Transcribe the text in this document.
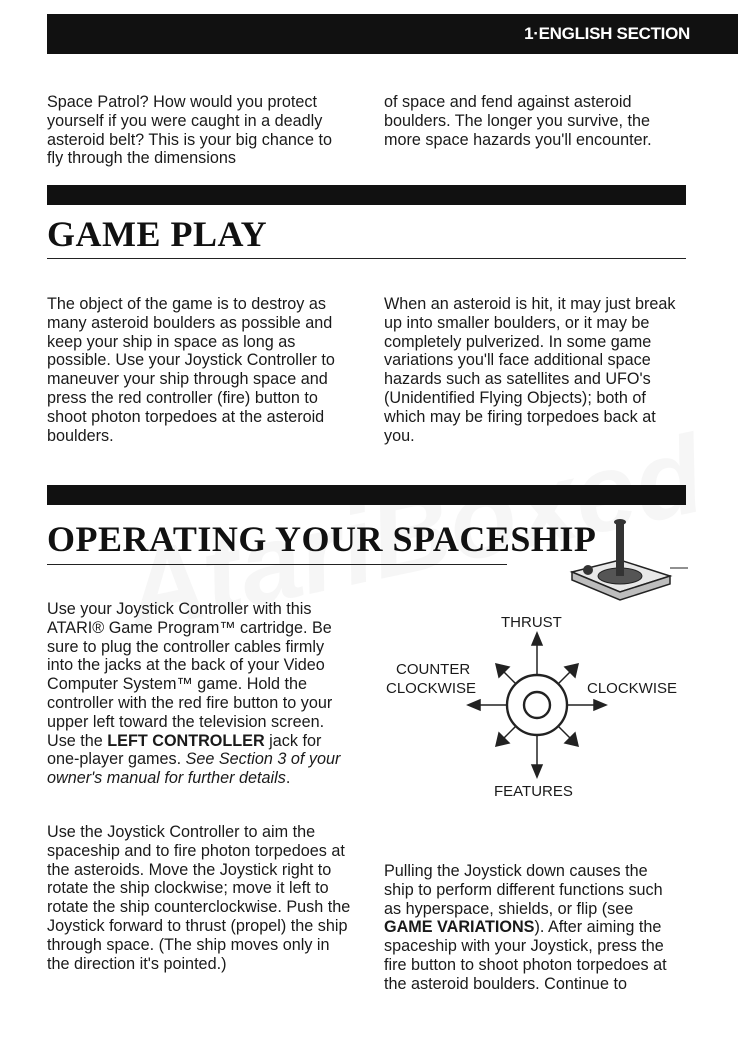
1·ENGLISH SECTION

Space Patrol? How would you protect yourself if you were caught in a deadly asteroid belt? This is your big chance to fly through the dimensions

of space and fend against asteroid boulders. The longer you survive, the more space hazards you'll encounter.

GAME PLAY

The object of the game is to destroy as many asteroid boulders as possible and keep your ship in space as long as possible. Use your Joystick Controller to maneuver your ship through space and press the red controller (fire) button to shoot photon torpedoes at the asteroid boulders.

When an asteroid is hit, it may just break up into smaller boulders, or it may be completely pulverized. In some game variations you'll face additional space hazards such as satellites and UFO's (Unidentified Flying Objects); both of which may be firing torpedoes back at you.

OPERATING YOUR SPACESHIP
THRUST
COUNTER
CLOCKWISE	CLOCKWISE
FEATURES

Use your Joystick Controller with this ATARI® Game Program™ cartridge. Be sure to plug the controller cables firmly into the jacks at the back of your Video Computer System™ game. Hold the controller with the red fire button to your upper left toward the television screen. Use the LEFT CONTROLLER jack for one-player games. See Section 3 of your owner's manual for further details.

Use the Joystick Controller to aim the spaceship and to fire photon torpedoes at the asteroids. Move the Joystick right to rotate the ship clockwise; move it left to rotate the ship counterclockwise. Push the Joystick forward to thrust (propel) the ship through space. (The ship moves only in the direction it's pointed.)

Pulling the Joystick down causes the ship to perform different functions such as hyperspace, shields, or flip (see GAME VARIATIONS). After aiming the spaceship with your Joystick, press the fire button to shoot photon torpedoes at the asteroid boulders. Continue to
